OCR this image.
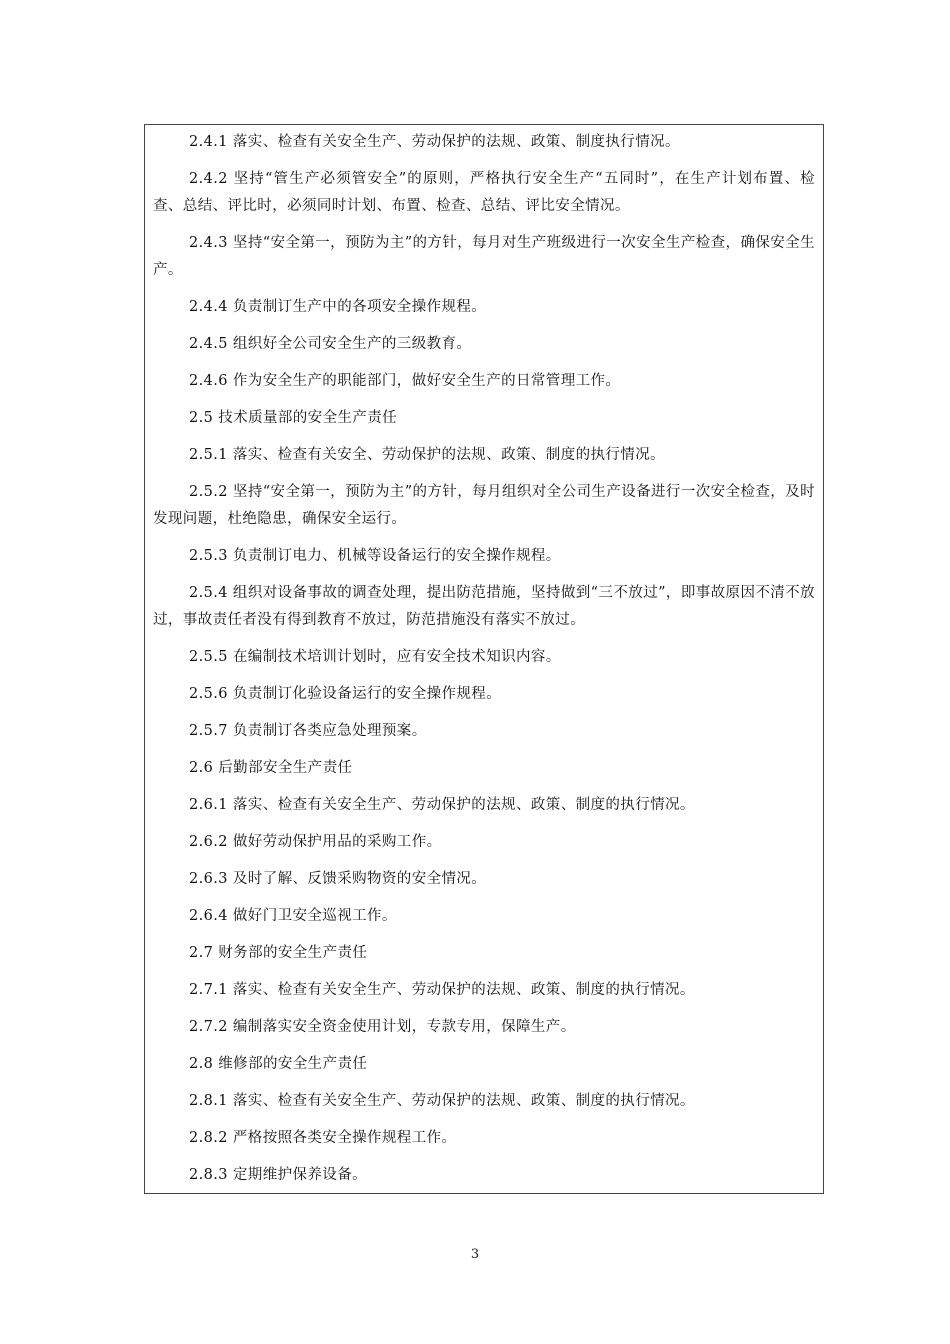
2.4.1 落实、检查有关安全生产、劳动保护的法规、政策、制度执行情况。

2.4.2 坚持“管生产必须管安全”的原则，严格执行安全生产“五同时”，在生产计划布置、检查、总结、评比时，必须同时计划、布置、检查、总结、评比安全情况。

2.4.3 坚持“安全第一，预防为主”的方针，每月对生产班级进行一次安全生产检查，确保安全生产。

2.4.4 负责制订生产中的各项安全操作规程。

2.4.5 组织好全公司安全生产的三级教育。

2.4.6 作为安全生产的职能部门，做好安全生产的日常管理工作。

2.5 技术质量部的安全生产责任

2.5.1 落实、检查有关安全、劳动保护的法规、政策、制度的执行情况。

2.5.2 坚持“安全第一，预防为主”的方针，每月组织对全公司生产设备进行一次安全检查，及时发现问题，杜绝隐患，确保安全运行。

2.5.3 负责制订电力、机械等设备运行的安全操作规程。

2.5.4 组织对设备事故的调查处理，提出防范措施，坚持做到“三不放过”，即事故原因不清不放过，事故责任者没有得到教育不放过，防范措施没有落实不放过。

2.5.5 在编制技术培训计划时，应有安全技术知识内容。

2.5.6 负责制订化验设备运行的安全操作规程。

2.5.7 负责制订各类应急处理预案。

2.6 后勤部安全生产责任

2.6.1 落实、检查有关安全生产、劳动保护的法规、政策、制度的执行情况。

2.6.2 做好劳动保护用品的采购工作。

2.6.3 及时了解、反馈采购物资的安全情况。

2.6.4 做好门卫安全巡视工作。

2.7 财务部的安全生产责任

2.7.1 落实、检查有关安全生产、劳动保护的法规、政策、制度的执行情况。

2.7.2 编制落实安全资金使用计划，专款专用，保障生产。

2.8 维修部的安全生产责任

2.8.1 落实、检查有关安全生产、劳动保护的法规、政策、制度的执行情况。

2.8.2 严格按照各类安全操作规程工作。

2.8.3 定期维护保养设备。

3
